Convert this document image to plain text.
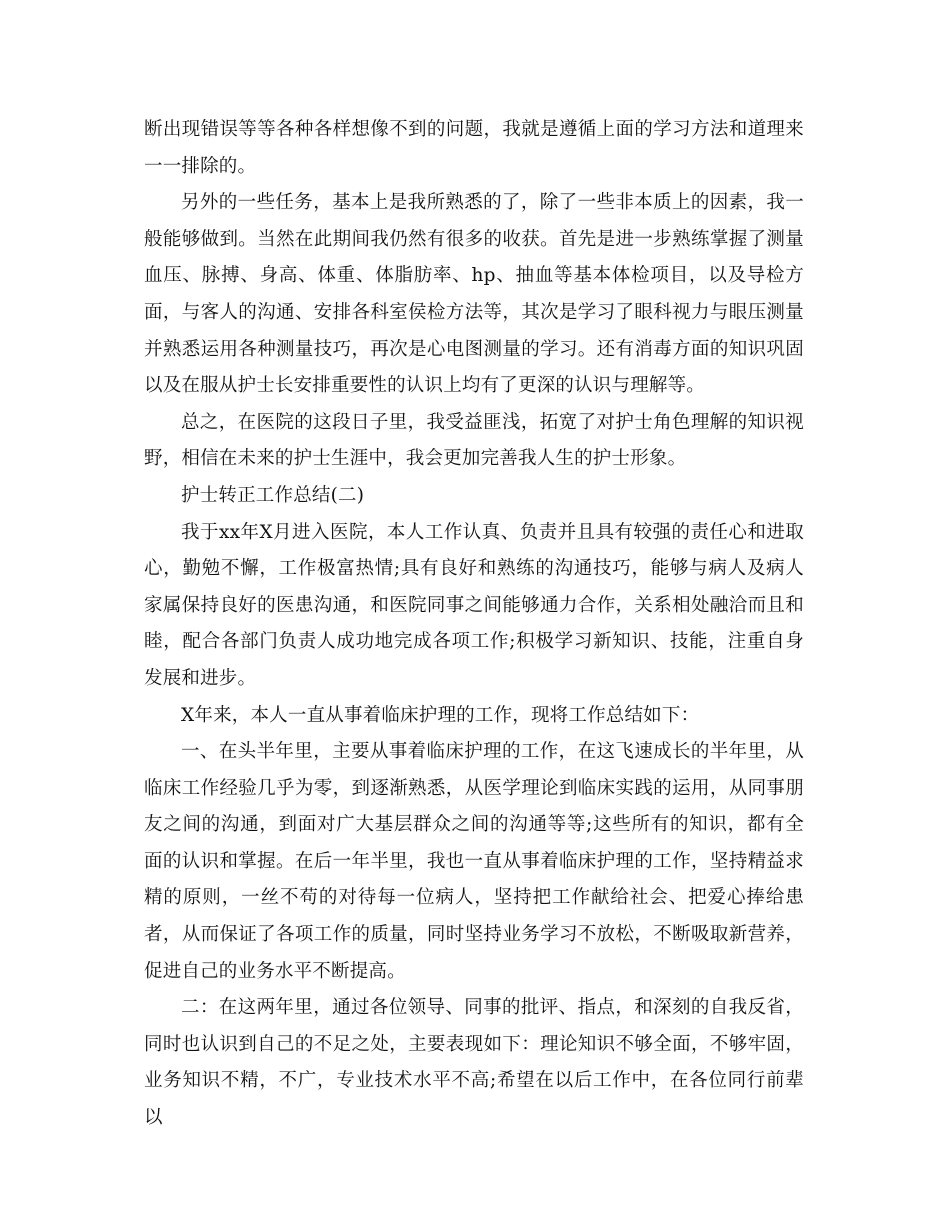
断出现错误等等各种各样想像不到的问题，我就是遵循上面的学习方法和道理来一一排除的。

另外的一些任务，基本上是我所熟悉的了，除了一些非本质上的因素，我一般能够做到。当然在此期间我仍然有很多的收获。首先是进一步熟练掌握了测量血压、脉搏、身高、体重、体脂肪率、hp、抽血等基本体检项目，以及导检方面，与客人的沟通、安排各科室侯检方法等，其次是学习了眼科视力与眼压测量并熟悉运用各种测量技巧，再次是心电图测量的学习。还有消毒方面的知识巩固以及在服从护士长安排重要性的认识上均有了更深的认识与理解等。

总之，在医院的这段日子里，我受益匪浅，拓宽了对护士角色理解的知识视野，相信在未来的护士生涯中，我会更加完善我人生的护士形象。

护士转正工作总结(二)

我于xx年X月进入医院，本人工作认真、负责并且具有较强的责任心和进取心，勤勉不懈，工作极富热情;具有良好和熟练的沟通技巧，能够与病人及病人家属保持良好的医患沟通，和医院同事之间能够通力合作，关系相处融洽而且和睦，配合各部门负责人成功地完成各项工作;积极学习新知识、技能，注重自身发展和进步。

X年来，本人一直从事着临床护理的工作，现将工作总结如下：

一、在头半年里，主要从事着临床护理的工作，在这飞速成长的半年里，从临床工作经验几乎为零，到逐渐熟悉，从医学理论到临床实践的运用，从同事朋友之间的沟通，到面对广大基层群众之间的沟通等等;这些所有的知识，都有全面的认识和掌握。在后一年半里，我也一直从事着临床护理的工作，坚持精益求精的原则，一丝不苟的对待每一位病人，坚持把工作献给社会、把爱心捧给患者，从而保证了各项工作的质量，同时坚持业务学习不放松，不断吸取新营养，促进自己的业务水平不断提高。

二：在这两年里，通过各位领导、同事的批评、指点，和深刻的自我反省，同时也认识到自己的不足之处，主要表现如下：理论知识不够全面，不够牢固，业务知识不精，不广，专业技术水平不高;希望在以后工作中，在各位同行前辈以
